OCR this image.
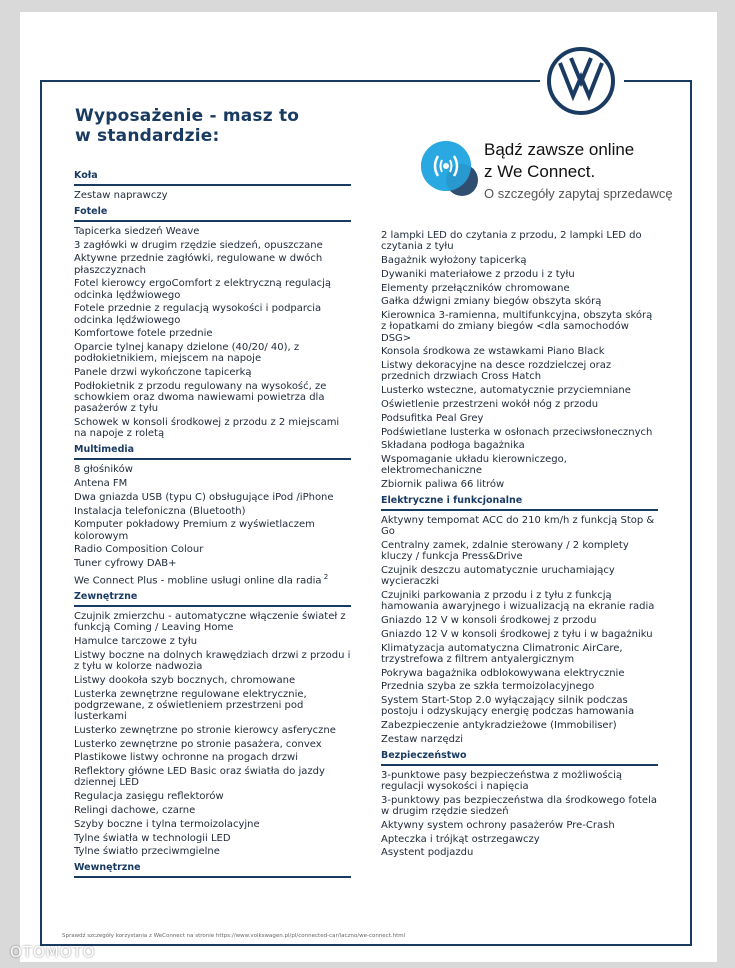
Wyposażenie - masz to
w standardzie:
Bądź zawsze online
z We Connect.
O szczegóły zapytaj sprzedawcę
Koła
Zestaw naprawczy
Fotele
Tapicerka siedzeń Weave
3 zagłówki w drugim rzędzie siedzeń, opuszczane
Aktywne przednie zagłówki, regulowane w dwóch płaszczyznach
Fotel kierowcy ergoComfort z elektryczną regulacją odcinka lędźwiowego
Fotele przednie z regulacją wysokości i podparcia odcinka lędźwiowego
Komfortowe fotele przednie
Oparcie tylnej kanapy dzielone (40/20/ 40), z podłokietnikiem, miejscem na napoje
Panele drzwi wykończone tapicerką
Podłokietnik z przodu regulowany na wysokość, ze schowkiem oraz dwoma nawiewami powietrza dla pasażerów z tyłu
Schowek w konsoli środkowej z przodu z 2 miejscami na napoje z roletą
Multimedia
8 głośników
Antena FM
Dwa gniazda USB (typu C) obsługujące iPod /iPhone
Instalacja telefoniczna (Bluetooth)
Komputer pokładowy Premium z wyświetlaczem kolorowym
Radio Composition Colour
Tuner cyfrowy DAB+
We Connect Plus - mobline usługi online dla radia $^2$
Zewnętrzne
Czujnik zmierzchu - automatyczne włączenie świateł z funkcją Coming / Leaving Home
Hamulce tarczowe z tyłu
Listwy boczne na dolnych krawędziach drzwi z przodu i z tyłu w kolorze nadwozia
Listwy dookoła szyb bocznych, chromowane
Lusterka zewnętrzne regulowane elektrycznie, podgrzewane, z oświetleniem przestrzeni pod lusterkami
Lusterko zewnętrzne po stronie kierowcy asferyczne
Lusterko zewnętrzne po stronie pasażera, convex
Plastikowe listwy ochronne na progach drzwi
Reflektory główne LED Basic oraz światła do jazdy dziennej LED
Regulacja zasięgu reflektorów
Relingi dachowe, czarne
Szyby boczne i tylna termoizolacyjne
Tylne światła w technologii LED
Tylne światło przeciwmgielne
Wewnętrzne
2 lampki LED do czytania z przodu, 2 lampki LED do czytania z tyłu
Bagażnik wyłożony tapicerką
Dywaniki materiałowe z przodu i z tyłu
Elementy przełączników chromowane
Gałka dźwigni zmiany biegów obszyta skórą
Kierownica 3-ramienna, multifunkcyjna, obszyta skórą z łopatkami do zmiany biegów <dla samochodów DSG>
Konsola środkowa ze wstawkami Piano Black
Listwy dekoracyjne na desce rozdzielczej oraz przednich drzwiach Cross Hatch
Lusterko wsteczne, automatycznie przyciemniane
Oświetlenie przestrzeni wokół nóg z przodu
Podsufitka Peal Grey
Podświetlane lusterka w osłonach przeciwsłonecznych
Składana podłoga bagażnika
Wspomaganie układu kierowniczego, elektromechaniczne
Zbiornik paliwa 66 litrów
Elektryczne i funkcjonalne
Aktywny tempomat ACC do 210 km/h z funkcją Stop & Go
Centralny zamek, zdalnie sterowany / 2 komplety kluczy / funkcja Press&Drive
Czujnik deszczu automatycznie uruchamiający wycieraczki
Czujniki parkowania z przodu i z tyłu z funkcją hamowania awaryjnego i wizualizacją na ekranie radia
Gniazdo 12 V w konsoli środkowej z przodu
Gniazdo 12 V w konsoli środkowej z tyłu i w bagażniku
Klimatyzacja automatyczna Climatronic AirCare, trzystrefowa z filtrem antyalergicznym
Pokrywa bagażnika odblokowywana elektrycznie
Przednia szyba ze szkła termoizolacyjnego
System Start-Stop 2.0 wyłączający silnik podczas postoju i odzyskujący energię podczas hamowania
Zabezpieczenie antykradzieżowe (Immobiliser)
Zestaw narzędzi
Bezpieczeństwo
3-punktowe pasy bezpieczeństwa z możliwością regulacji wysokości i napięcia
3-punktowy pas bezpieczeństwa dla środkowego fotela w drugim rzędzie siedzeń
Aktywny system ochrony pasażerów Pre-Crash
Apteczka i trójkąt ostrzegawczy
Asystent podjazdu
Sprawdź szczegóły korzystania z WeConnect na stronie https://www.volkswagen.pl/pl/connected-car/laczno/we-connect.html
OTOMOTO
